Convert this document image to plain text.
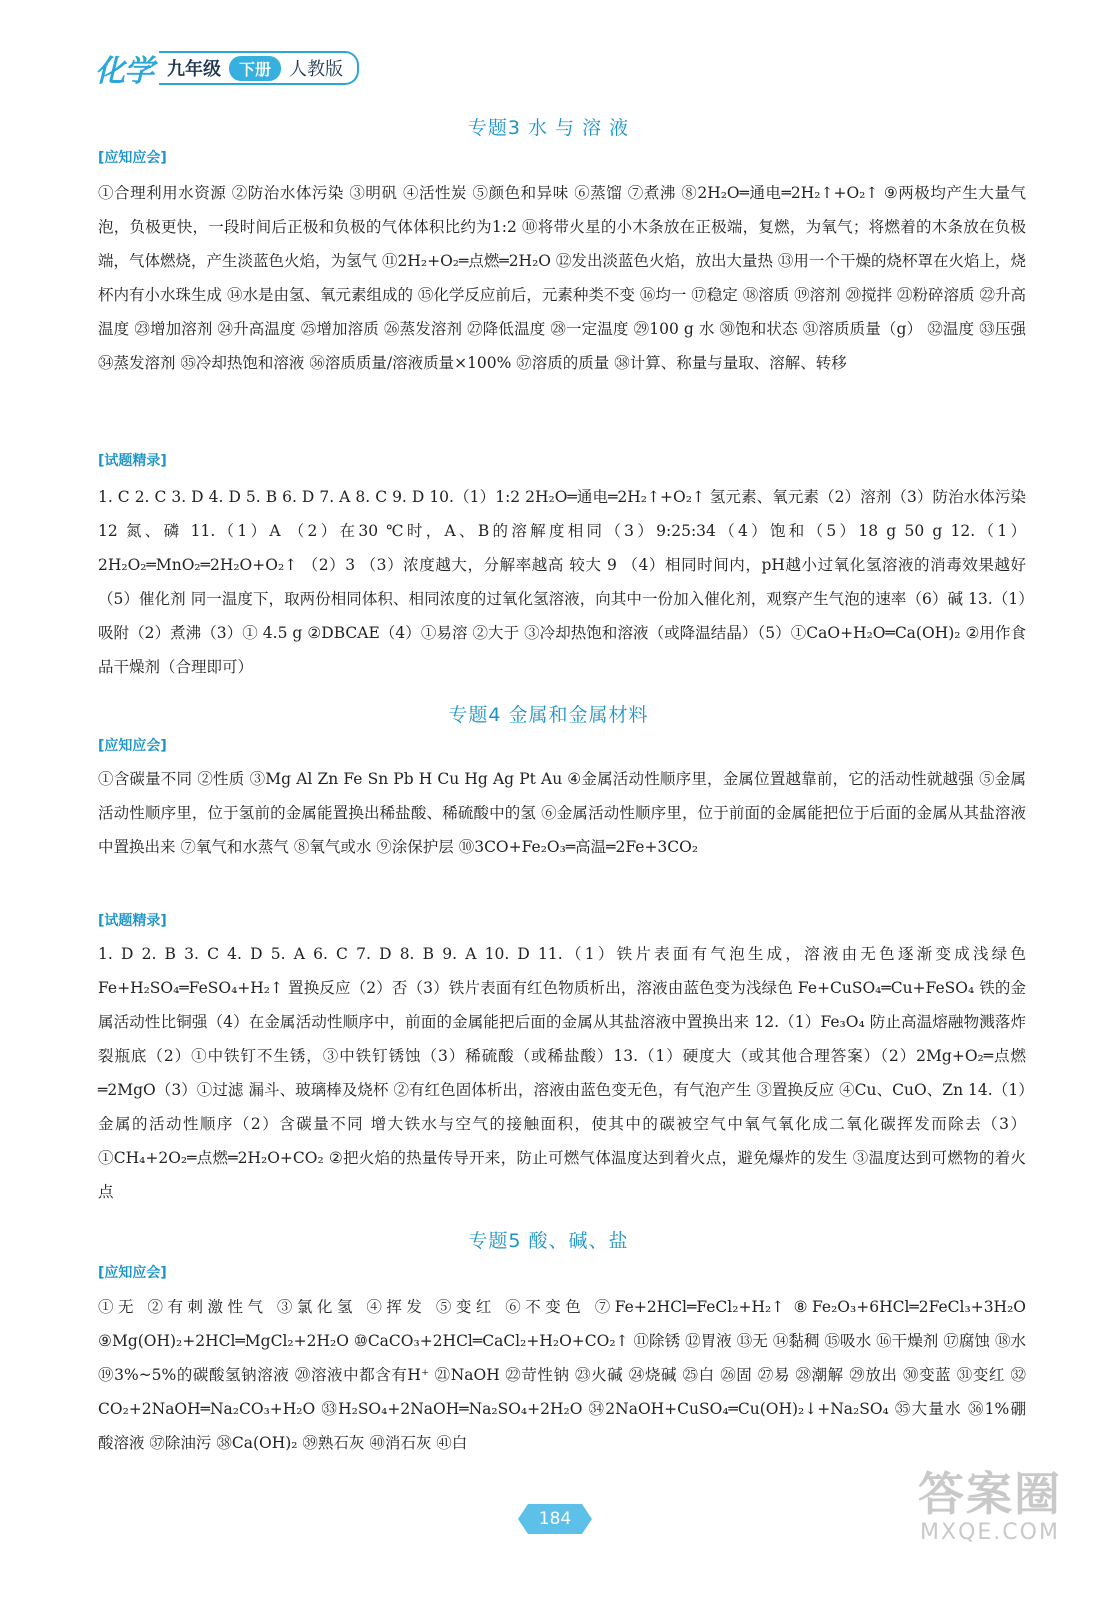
化学 九年级	下册	人教版
专题3 水 与 溶 液
[应知应会]

①合理利用水资源 ②防治水体污染 ③明矾 ④活性炭 ⑤颜色和异味 ⑥蒸馏 ⑦煮沸 ⑧2H₂O═通电═2H₂↑+O₂↑ ⑨两极均产生大量气泡，负极更快，一段时间后正极和负极的气体体积比约为1:2 ⑩将带火星的小木条放在正极端，复燃，为氧气；将燃着的木条放在负极端，气体燃烧，产生淡蓝色火焰，为氢气 ⑪2H₂+O₂═点燃═2H₂O ⑫发出淡蓝色火焰，放出大量热 ⑬用一个干燥的烧杯罩在火焰上，烧杯内有小水珠生成 ⑭水是由氢、氧元素组成的 ⑮化学反应前后，元素种类不变 ⑯均一 ⑰稳定 ⑱溶质 ⑲溶剂 ⑳搅拌 ㉑粉碎溶质 ㉒升高温度 ㉓增加溶剂 ㉔升高温度 ㉕增加溶质 ㉖蒸发溶剂 ㉗降低温度 ㉘一定温度 ㉙100 g 水 ㉚饱和状态 ㉛溶质质量（g） ㉜温度 ㉝压强 ㉞蒸发溶剂 ㉟冷却热饱和溶液 ㊱溶质质量/溶液质量×100% ㊲溶质的质量 ㊳计算、称量与量取、溶解、转移

[试题精录]

1. C 2. C 3. D 4. D 5. B 6. D 7. A 8. C 9. D 10.（1）1:2 2H₂O═通电═2H₂↑+O₂↑ 氢元素、氧元素（2）溶剂（3）防治水体污染 12 氮、磷 11.（1）A （2）在30 ℃时，A、B的溶解度相同（3）9:25:34（4）饱和（5）18 g 50 g 12.（1）2H₂O₂═MnO₂═2H₂O+O₂↑ （2）3 （3）浓度越大，分解率越高 较大 9 （4）相同时间内，pH越小过氧化氢溶液的消毒效果越好（5）催化剂 同一温度下，取两份相同体积、相同浓度的过氧化氢溶液，向其中一份加入催化剂，观察产生气泡的速率（6）碱 13.（1）吸附（2）煮沸（3）① 4.5 g ②DBCAE（4）①易溶 ②大于 ③冷却热饱和溶液（或降温结晶）（5）①CaO+H₂O═Ca(OH)₂ ②用作食品干燥剂（合理即可）

专题4 金属和金属材料
[应知应会]

①含碳量不同 ②性质 ③Mg Al Zn Fe Sn Pb H Cu Hg Ag Pt Au ④金属活动性顺序里，金属位置越靠前，它的活动性就越强 ⑤金属活动性顺序里，位于氢前的金属能置换出稀盐酸、稀硫酸中的氢 ⑥金属活动性顺序里，位于前面的金属能把位于后面的金属从其盐溶液中置换出来 ⑦氧气和水蒸气 ⑧氧气或水 ⑨涂保护层 ⑩3CO+Fe₂O₃═高温═2Fe+3CO₂

[试题精录]

1. D 2. B 3. C 4. D 5. A 6. C 7. D 8. B 9. A 10. D 11.（1）铁片表面有气泡生成，溶液由无色逐渐变成浅绿色 Fe+H₂SO₄═FeSO₄+H₂↑ 置换反应（2）否（3）铁片表面有红色物质析出，溶液由蓝色变为浅绿色 Fe+CuSO₄═Cu+FeSO₄ 铁的金属活动性比铜强（4）在金属活动性顺序中，前面的金属能把后面的金属从其盐溶液中置换出来 12.（1）Fe₃O₄ 防止高温熔融物溅落炸裂瓶底（2）①中铁钉不生锈，③中铁钉锈蚀（3）稀硫酸（或稀盐酸）13.（1）硬度大（或其他合理答案）（2）2Mg+O₂═点燃═2MgO（3）①过滤 漏斗、玻璃棒及烧杯 ②有红色固体析出，溶液由蓝色变无色，有气泡产生 ③置换反应 ④Cu、CuO、Zn 14.（1）金属的活动性顺序（2）含碳量不同 增大铁水与空气的接触面积，使其中的碳被空气中氧气氧化成二氧化碳挥发而除去（3）①CH₄+2O₂═点燃═2H₂O+CO₂ ②把火焰的热量传导开来，防止可燃气体温度达到着火点，避免爆炸的发生 ③温度达到可燃物的着火点

专题5 酸、碱、盐
[应知应会]

①无 ②有刺激性气 ③氯化氢 ④挥发 ⑤变红 ⑥不变色 ⑦Fe+2HCl═FeCl₂+H₂↑ ⑧Fe₂O₃+6HCl═2FeCl₃+3H₂O ⑨Mg(OH)₂+2HCl═MgCl₂+2H₂O ⑩CaCO₃+2HCl═CaCl₂+H₂O+CO₂↑ ⑪除锈 ⑫胃液 ⑬无 ⑭黏稠 ⑮吸水 ⑯干燥剂 ⑰腐蚀 ⑱水 ⑲3%~5%的碳酸氢钠溶液 ⑳溶液中都含有H⁺ ㉑NaOH ㉒苛性钠 ㉓火碱 ㉔烧碱 ㉕白 ㉖固 ㉗易 ㉘潮解 ㉙放出 ㉚变蓝 ㉛变红 ㉜CO₂+2NaOH═Na₂CO₃+H₂O ㉝H₂SO₄+2NaOH═Na₂SO₄+2H₂O ㉞2NaOH+CuSO₄═Cu(OH)₂↓+Na₂SO₄ ㉟大量水 ㊱1%硼酸溶液 ㊲除油污 ㊳Ca(OH)₂ ㊴熟石灰 ㊵消石灰 ㊶白

184	答案圈
MXQE.COM
